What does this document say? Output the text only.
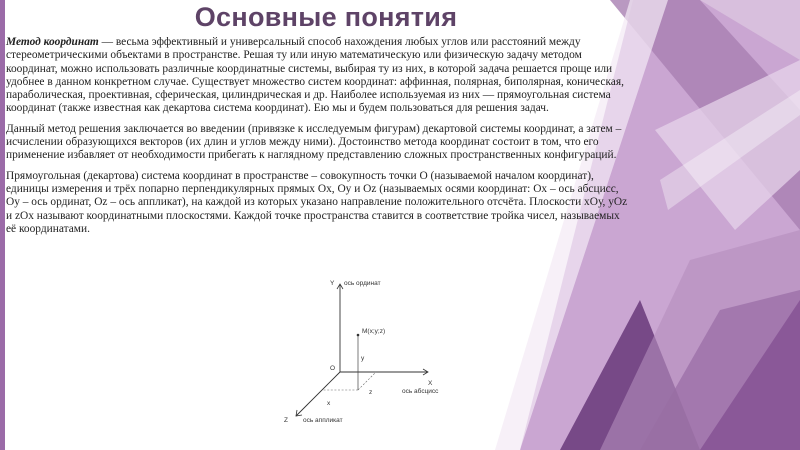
Основные понятия

Метод координат — весьма эффективный и универсальный способ нахождения любых углов или расстояний между стереометрическими объектами в пространстве. Решая ту или иную математическую или физическую задачу методом координат, можно использовать различные координатные системы, выбирая ту из них, в которой задача решается проще или удобнее в данном конкретном случае. Существует множество систем координат: аффинная, полярная, биполярная, коническая, параболическая, проективная, сферическая, цилиндрическая и др. Наиболее используемая из них — прямоугольная система координат (также известная как декартова система координат). Ею мы и будем пользоваться для решения задач.

Данный метод решения заключается во введении (привязке к исследуемым фигурам) декартовой системы координат, а затем – исчислении образующихся векторов (их длин и углов между ними). Достоинство метода координат состоит в том, что его применение избавляет от необходимости прибегать к наглядному представлению сложных пространственных конфигураций.

Прямоугольная (декартова) система координат в пространстве – совокупность точки О (называемой началом координат), единицы измерения и трёх попарно перпендикулярных прямых Ох, Оу и Оz (называемых осями координат: Ох – ось абсцисс, Оу – ось ординат, Оz – ось аппликат), на каждой из которых указано направление положительного отсчёта. Плоскости хОу, уОz и zOх называют координатными плоскостями. Каждой точке пространства ставится в соответствие тройка чисел, называемых её координатами.

Y ось ординат
M(x;y;z)
y
O
z
X
ось абсцисс
x
Z ось аппликат
